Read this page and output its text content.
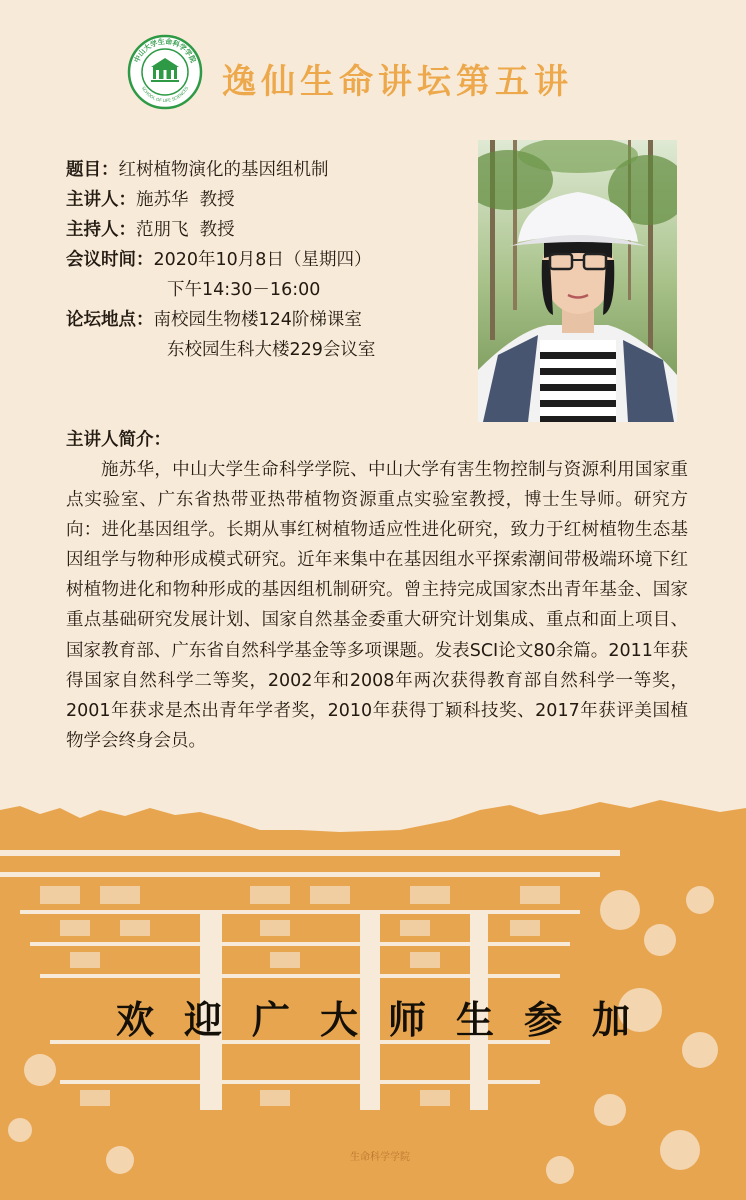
中山大学生命科学学院
SCHOOL OF LIFE SCIENCES 逸仙生命讲坛第五讲
题目： 红树植物演化的基因组机制
主讲人： 施苏华  教授
主持人： 范朋飞  教授
会议时间： 2020年10月8日（星期四）
下午14:30－16:00
论坛地点： 南校园生物楼124阶梯课室
东校园生科大楼229会议室
主讲人简介：

施苏华，中山大学生命科学学院、中山大学有害生物控制与资源利用国家重点实验室、广东省热带亚热带植物资源重点实验室教授，博士生导师。研究方向：进化基因组学。长期从事红树植物适应性进化研究，致力于红树植物生态基因组学与物种形成模式研究。近年来集中在基因组水平探索潮间带极端环境下红树植物进化和物种形成的基因组机制研究。曾主持完成国家杰出青年基金、国家重点基础研究发展计划、国家自然基金委重大研究计划集成、重点和面上项目、国家教育部、广东省自然科学基金等多项课题。发表SCI论文80余篇。2011年获得国家自然科学二等奖，2002年和2008年两次获得教育部自然科学一等奖，2001年获求是杰出青年学者奖，2010年获得丁颖科技奖、2017年获评美国植物学会终身会员。

生命科学学院
欢迎广大师生参加
